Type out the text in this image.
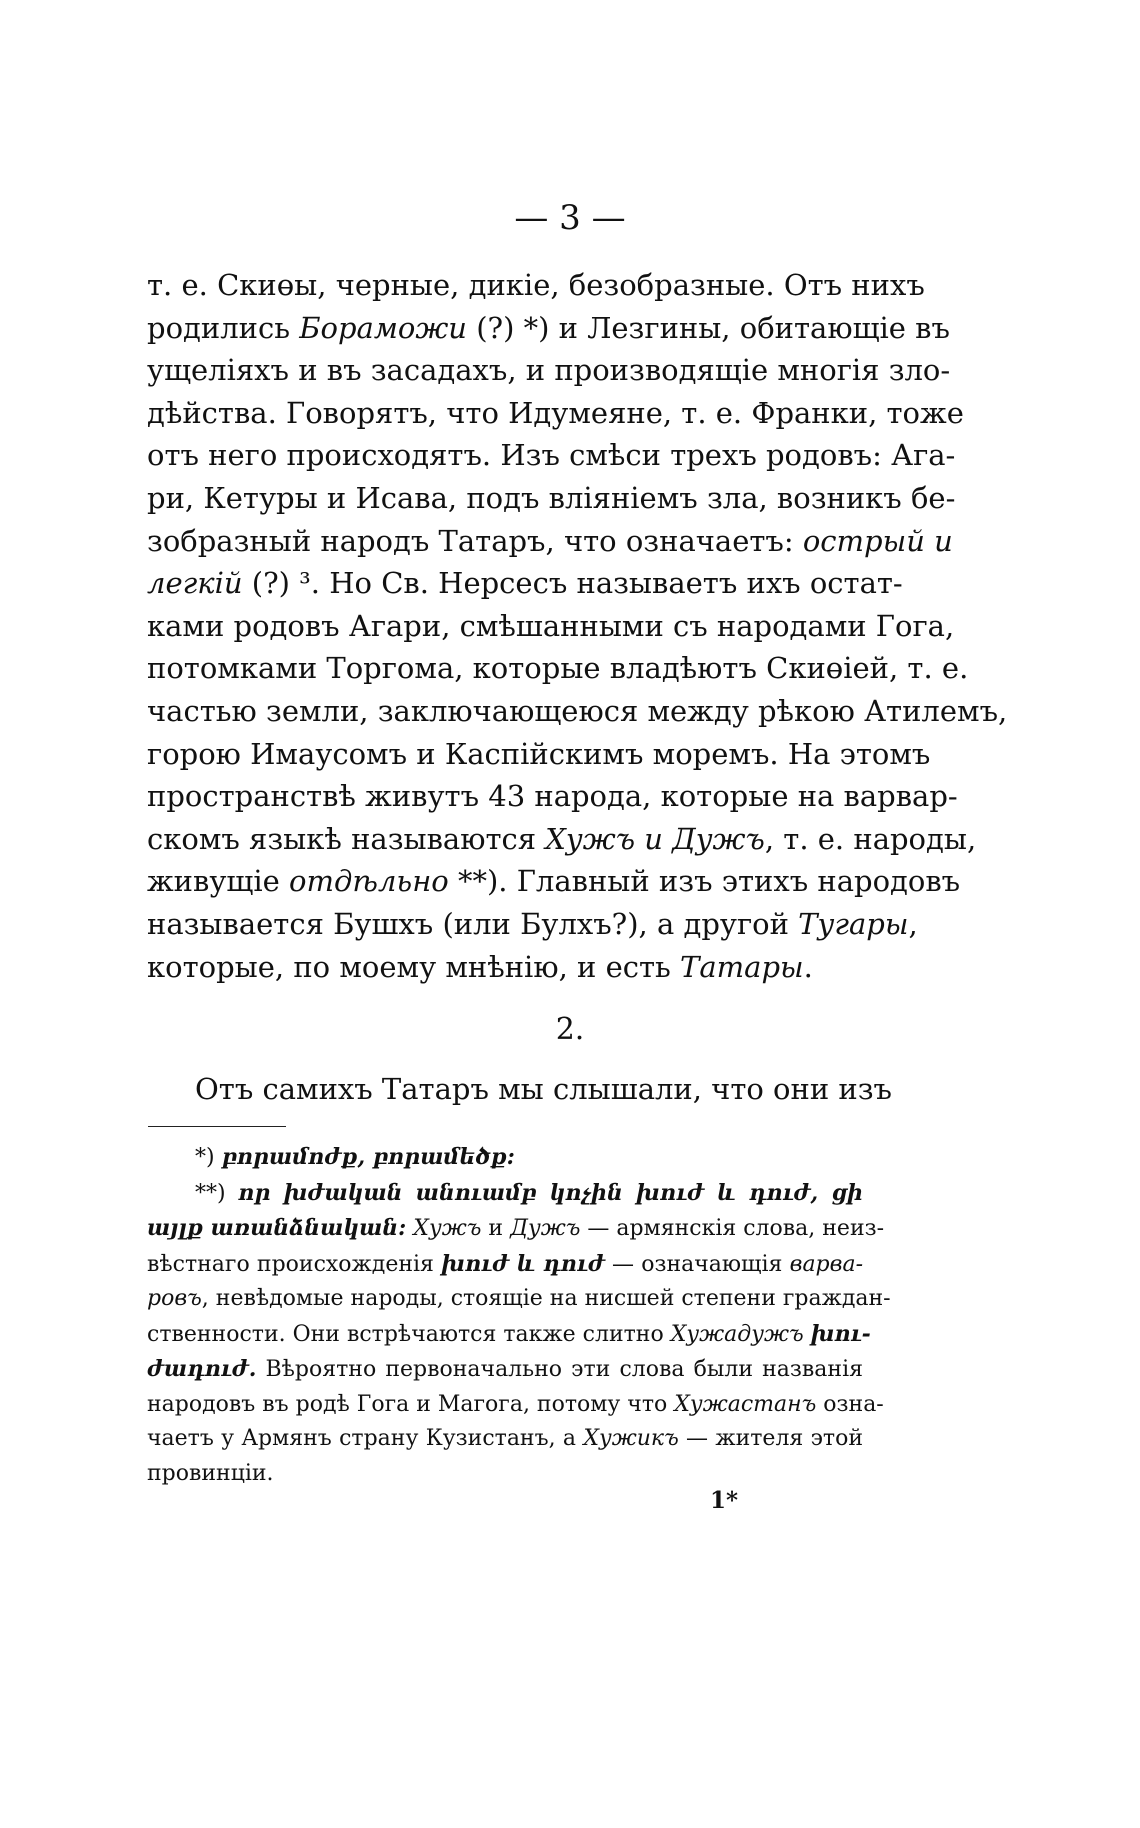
— 3 —
т. е. Скиөы, черные, дикіе, безобразные. Отъ нихъ
родились Бораможи (?) *) и Лезгины, обитающіе въ
ущеліяхъ и въ засадахъ, и производящіе многія зло-
дѣйства. Говорятъ, что Идумеяне, т. е. Франки, тоже
отъ него происходятъ. Изъ смѣси трехъ родовъ: Ага-
ри, Кетуры и Исава, подъ вліяніемъ зла, возникъ бе-
зобразный народъ Татаръ, что означаетъ: острый и
легкій (?) ³. Но Св. Нерсесъ называетъ ихъ остат-
ками родовъ Агари, смѣшанными съ народами Гога,
потомками Торгома, которые владѣютъ Скиөіей, т. е.
частью земли, заключающеюся между рѣкою Атилемъ,
горою Имаусомъ и Каспійскимъ моремъ. На этомъ
пространствѣ живутъ 43 народа, которые на варвар-
скомъ языкѣ называются Хужъ и Дужъ, т. е. народы,
живущіе отдѣльно **). Главный изъ этихъ народовъ
называется Бушхъ (или Булхъ?), а другой Тугары,
которые, по моему мнѣнію, и есть Татары.
2.
Отъ самихъ Татаръ мы слышали, что они изъ
*) բորամոժք, բորամեծք:
**) որ խժական անուամբ կոչին խուժ և դուժ, ցի
այլք առանձնական: Хужъ и Дужъ — армянскія слова, неиз-
вѣстнаго происхожденія խուժ և դուժ — означающія варва-
ровъ, невѣдомые народы, стоящіе на нисшей степени граждан-
ственности. Они встрѣчаются также слитно Хужадужъ խու-
ժադուժ. Вѣроятно первоначально эти слова были названія
народовъ въ родѣ Гога и Магога, потому что Хужастанъ озна-
чаетъ у Армянъ страну Кузистанъ, а Хужикъ — жителя этой
провинціи.
1*
